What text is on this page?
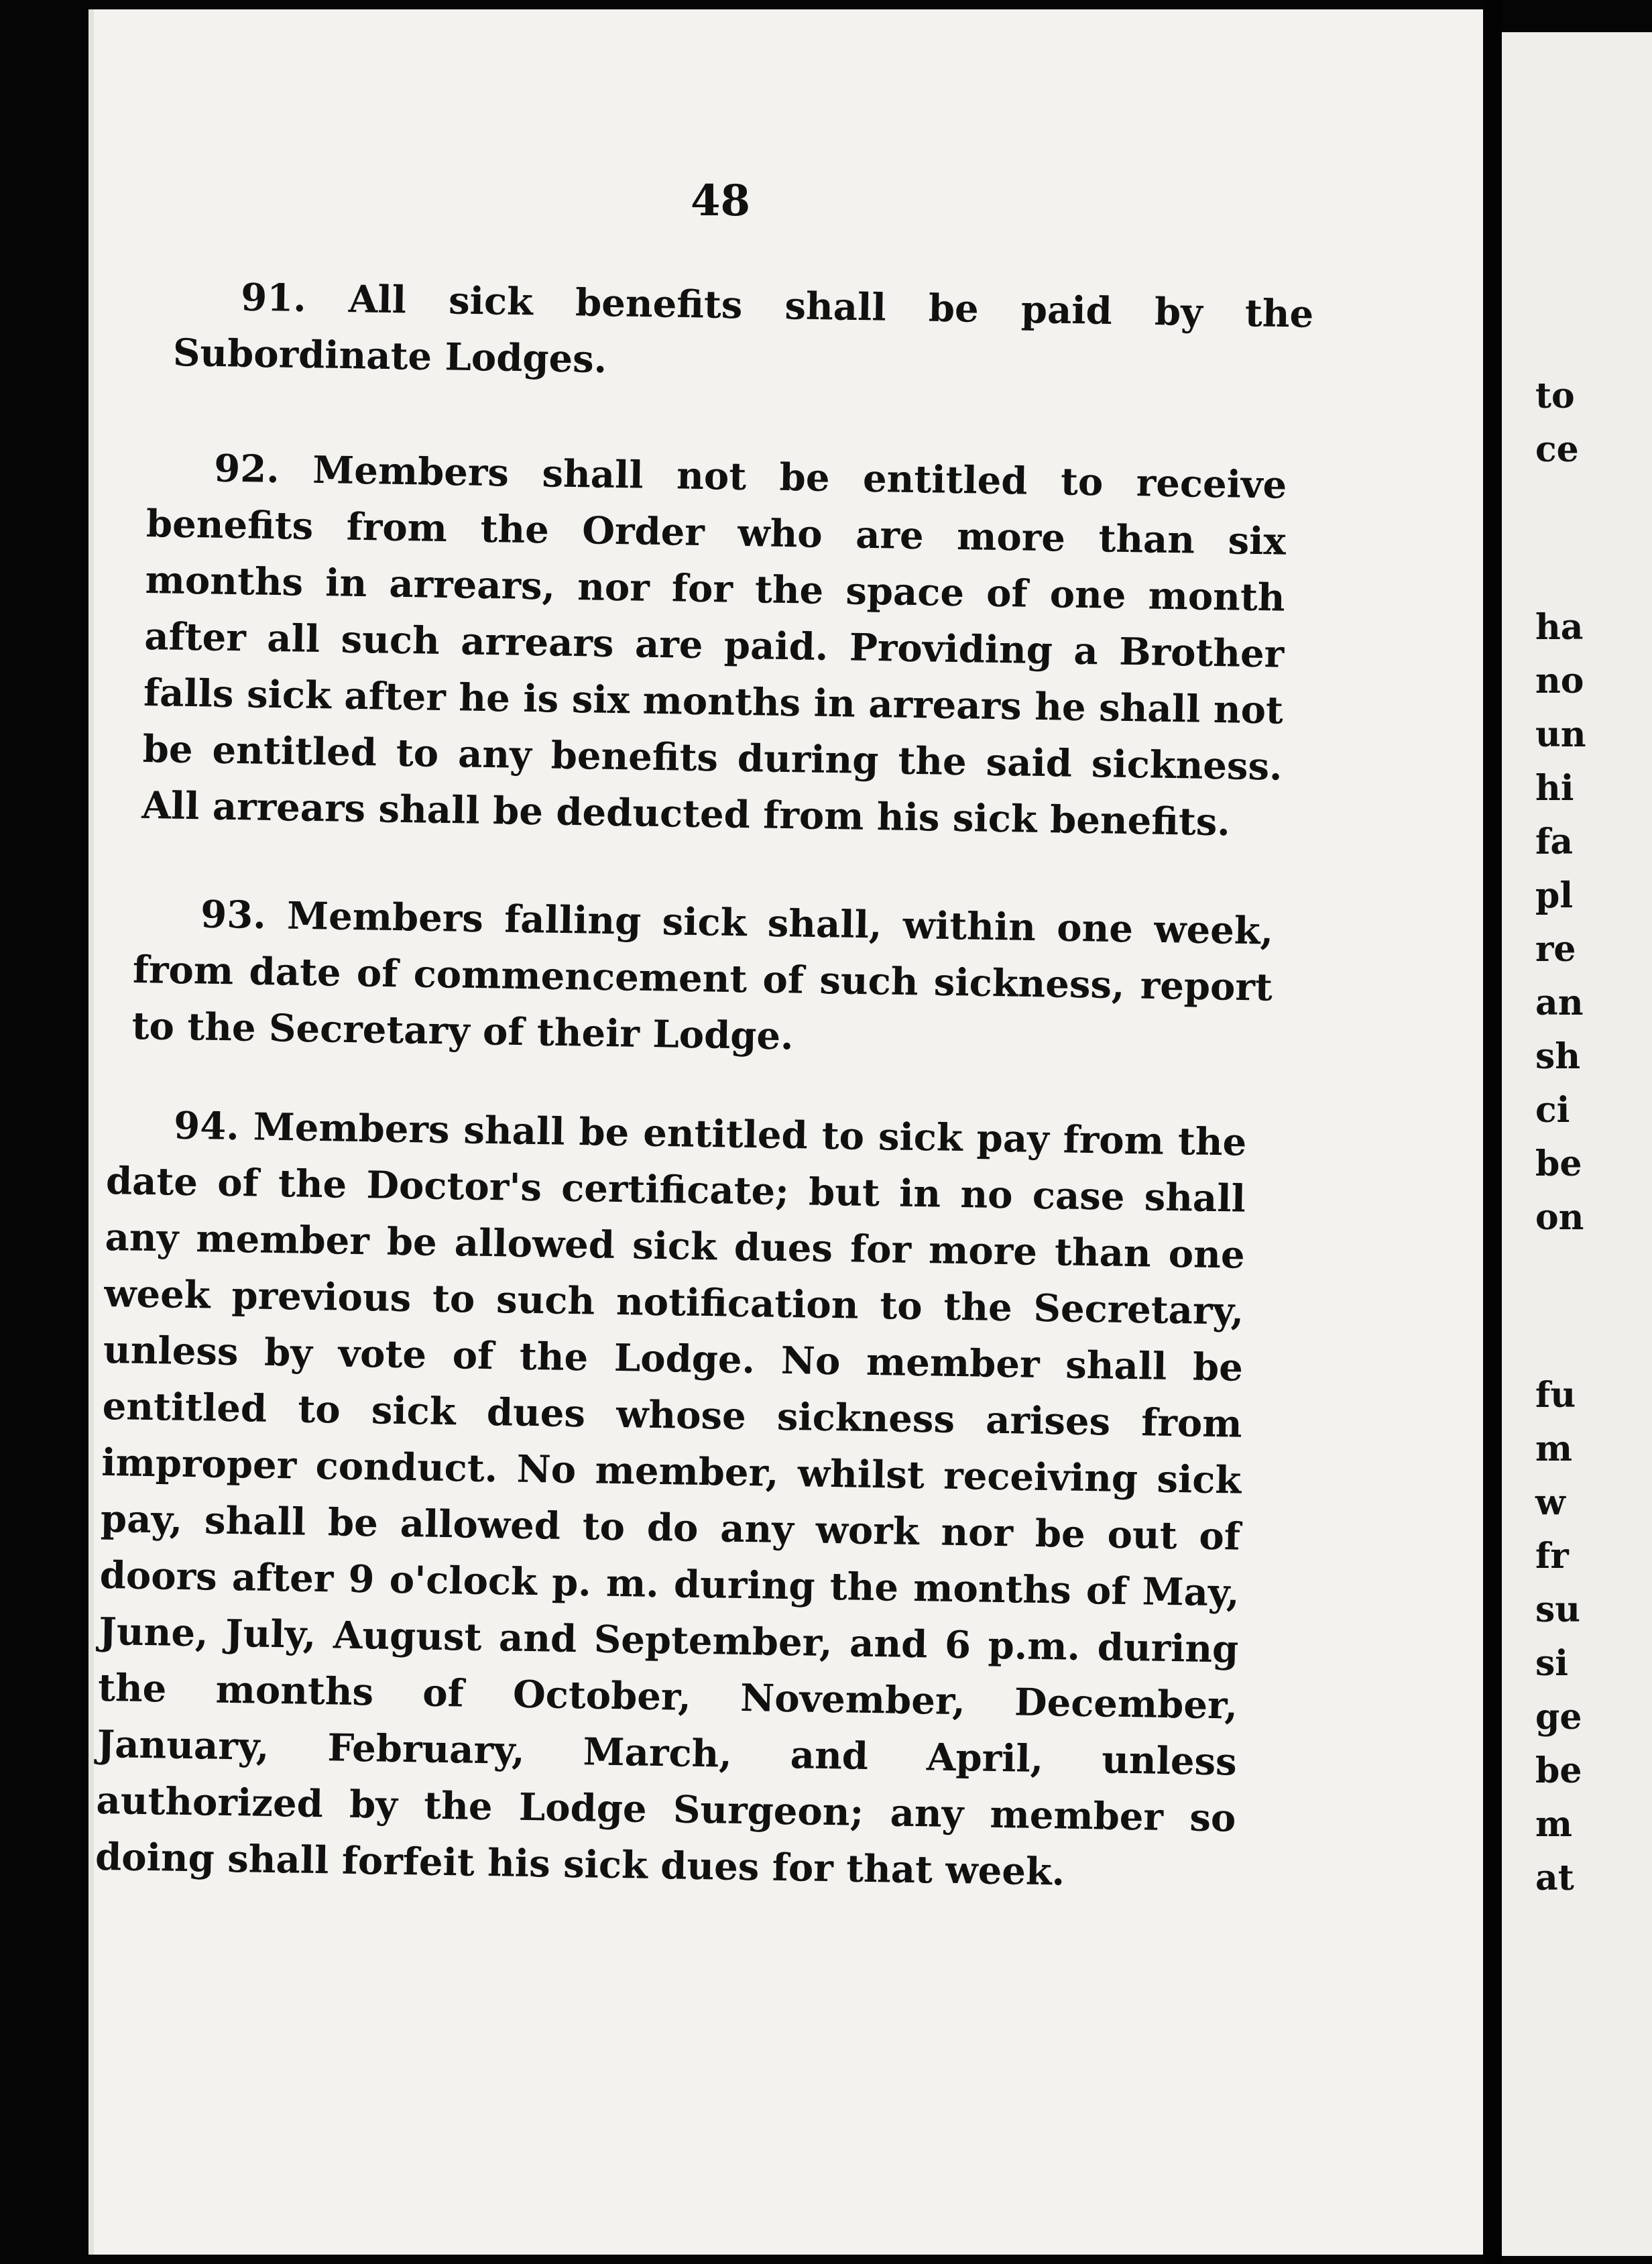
48

91. All sick benefits shall be paid by the Subordinate Lodges.

92. Members shall not be entitled to receive benefits from the Order who are more than six months in arrears, nor for the space of one month after all such arrears are paid. Providing a Brother falls sick after he is six months in arrears he shall not be entitled to any benefits during the said sickness. All arrears shall be deducted from his sick benefits.

93. Members falling sick shall, within one week, from date of commencement of such sickness, report to the Secretary of their Lodge.

94. Members shall be entitled to sick pay from the date of the Doctor's certificate; but in no case shall any member be allowed sick dues for more than one week previous to such notification to the Secretary, unless by vote of the Lodge. No member shall be entitled to sick dues whose sickness arises from improper conduct. No member, whilst receiving sick pay, shall be allowed to do any work nor be out of doors after 9 o'clock p. m. during the months of May, June, July, August and September, and 6 p.m. during the months of October, November, December, January, February, March, and April, unless authorized by the Lodge Surgeon; any member so doing shall forfeit his sick dues for that week.

to
ce
ha
no
un
hi
fa
pl
re
an
sh
ci
be
on
fu
m
w
fr
su
si
ge
be
m
at
